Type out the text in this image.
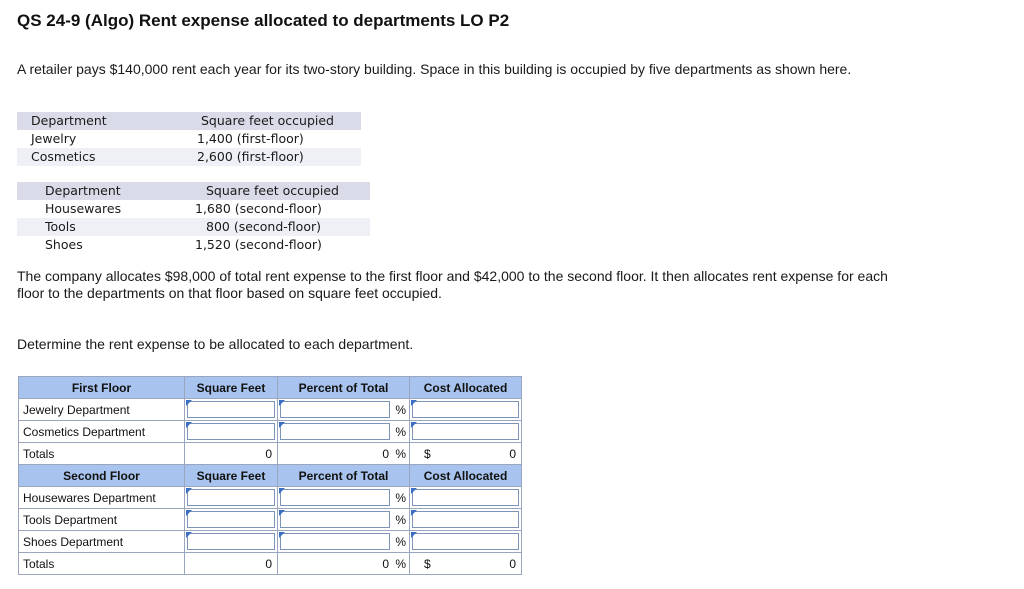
QS 24-9 (Algo) Rent expense allocated to departments LO P2
A retailer pays $140,000 rent each year for its two-story building. Space in this building is occupied by five departments as shown here.
Department	Square feet occupied
Jewelry	1,400 (first-floor)
Cosmetics	2,600 (first-floor)
Department	Square feet occupied
Housewares	1,680 (second-floor)
Tools	800 (second-floor)
Shoes	1,520 (second-floor)
The company allocates $98,000 of total rent expense to the first floor and $42,000 to the second floor. It then allocates rent expense for each floor to the departments on that floor based on square feet occupied.
Determine the rent expense to be allocated to each department.
First Floor	Square Feet	Percent of Total	Cost Allocated
Jewelry Department		%	

Cosmetics Department		%	

Totals	0	0 %	$ 0

Second Floor	Square Feet	Percent of Total	Cost Allocated
Housewares Department		%	

Tools Department		%	

Shoes Department		%	

Totals	0	0 %	$ 0
